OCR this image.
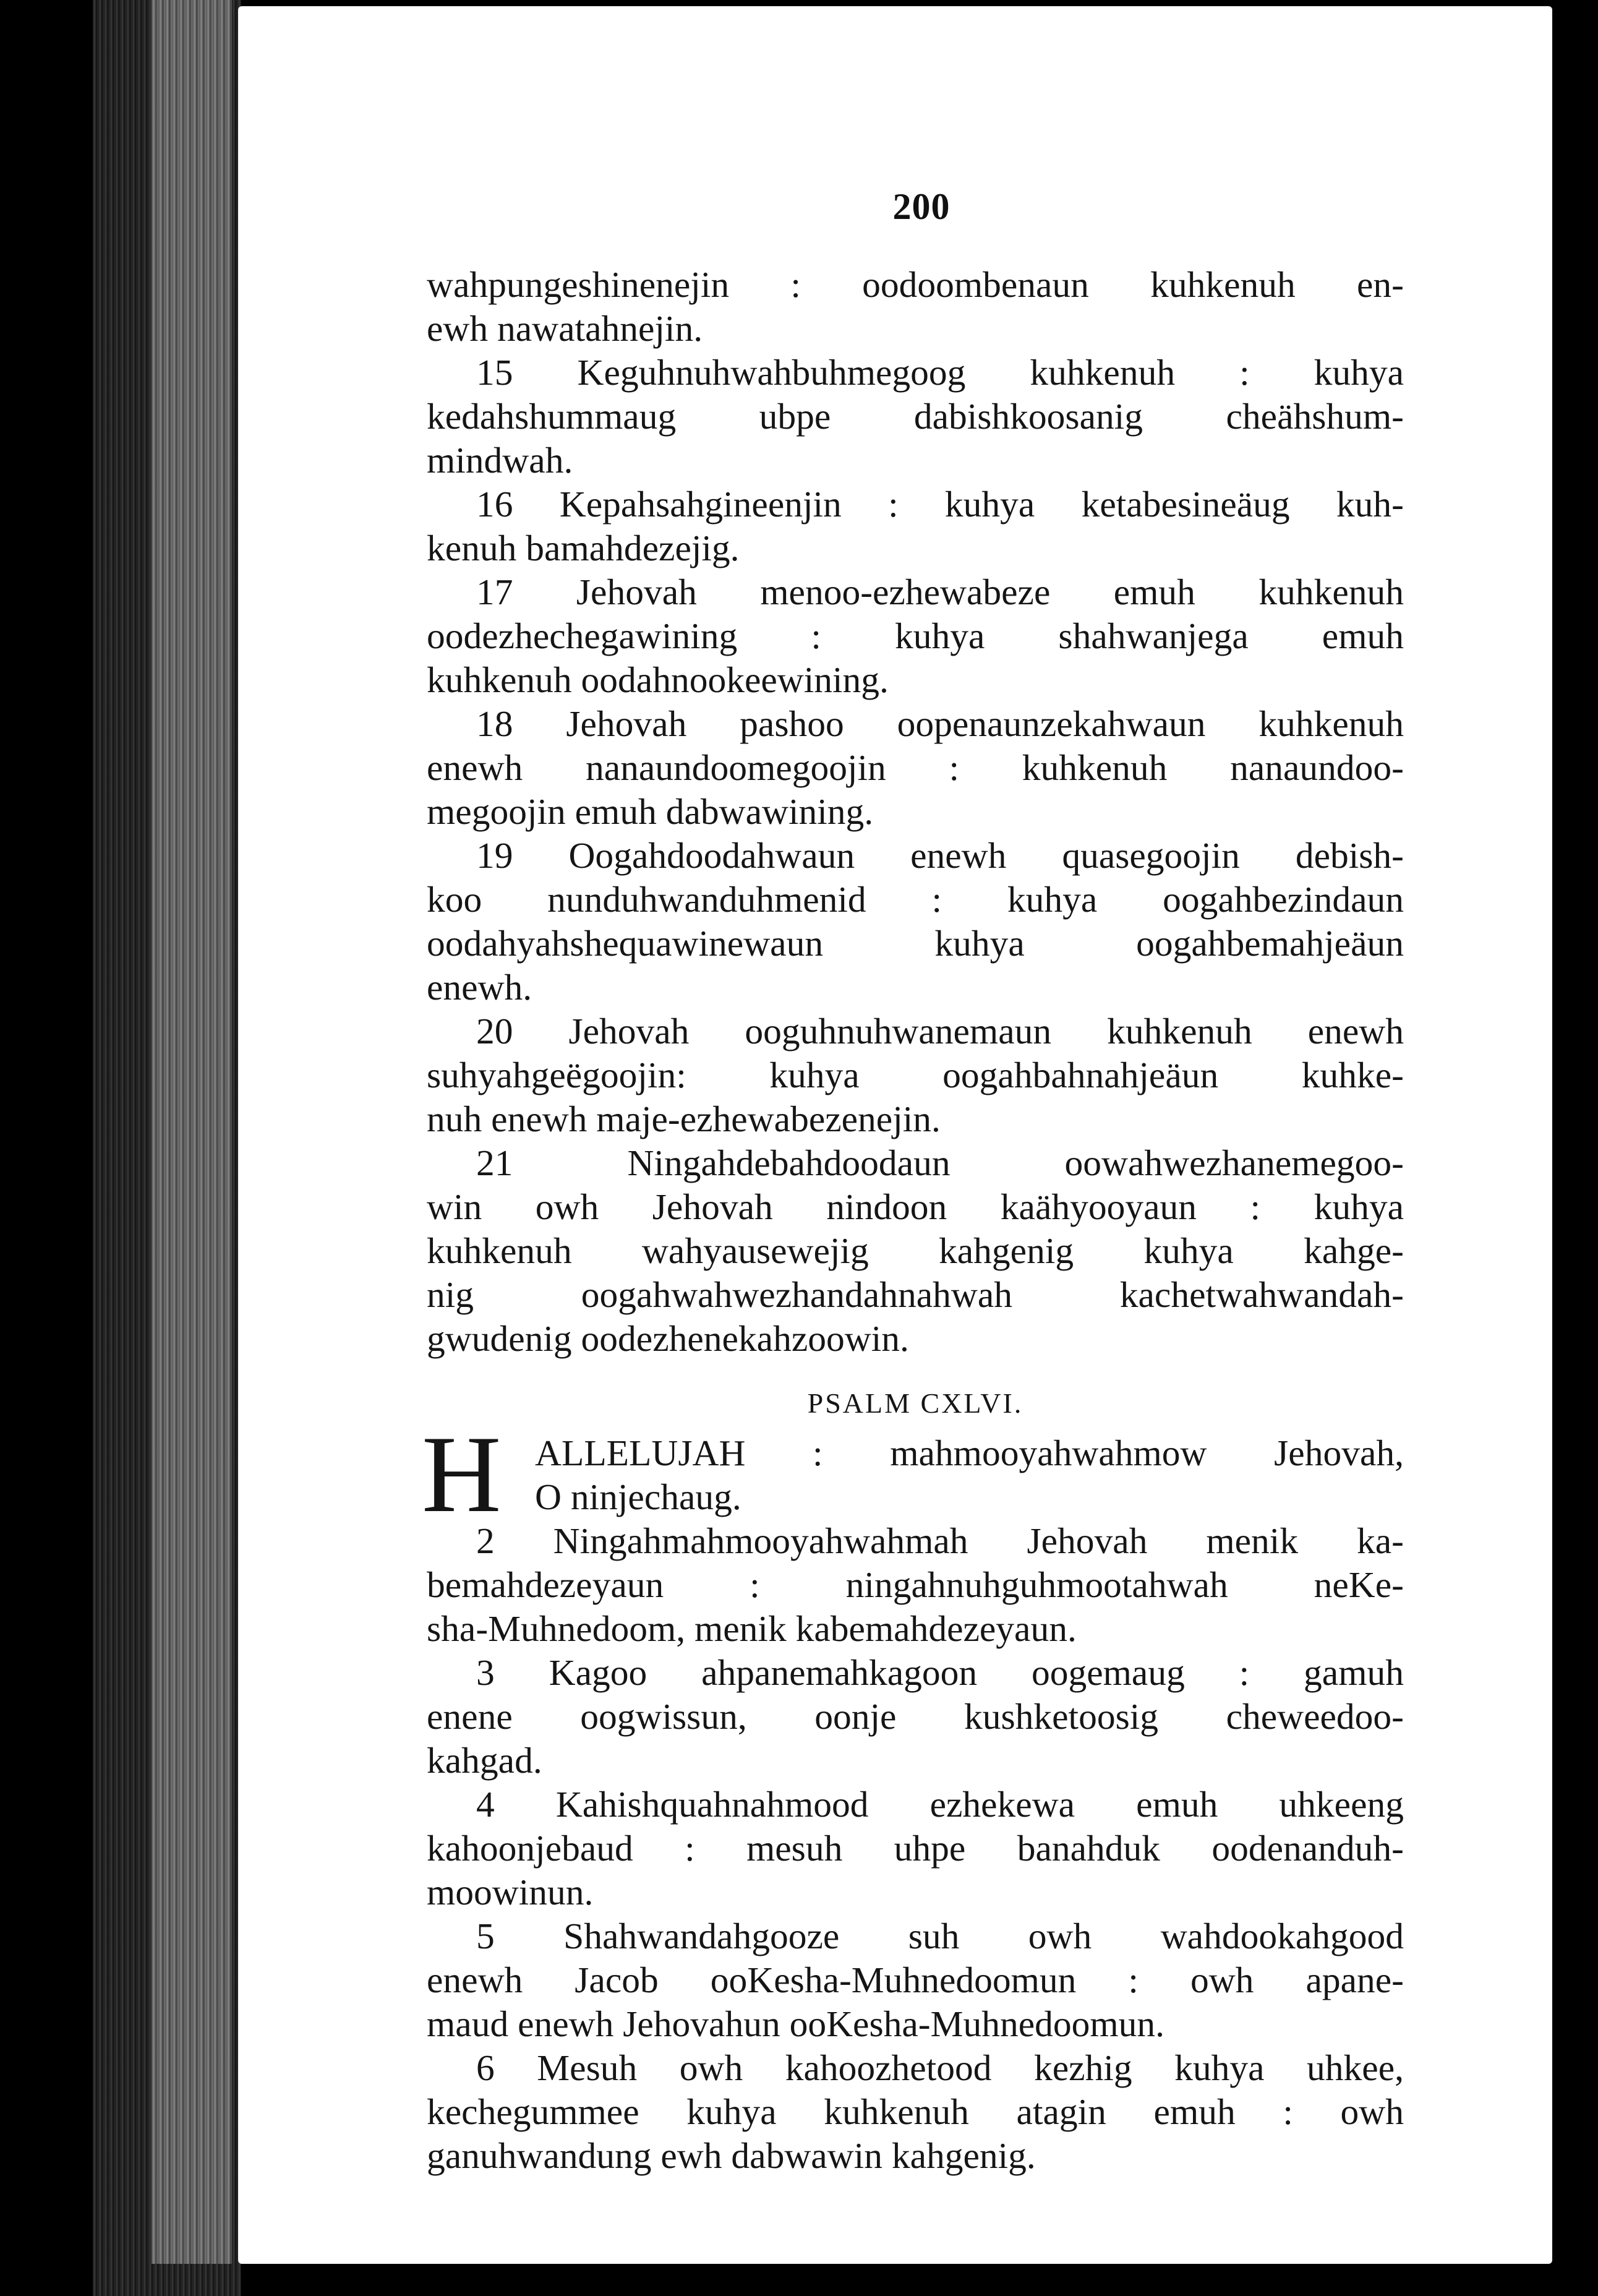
200
wahpungeshinenejin : oodoombenaun kuhkenuh en-
ewh nawatahnejin.
15 Keguhnuhwahbuhmegoog kuhkenuh : kuhya
kedahshummaug ubpe dabishkoosanig cheähshum-
mindwah.
16 Kepahsahgineenjin : kuhya ketabesineäug kuh-
kenuh bamahdezejig.
17 Jehovah menoo-ezhewabeze emuh kuhkenuh
oodezhechegawining : kuhya shahwanjega emuh
kuhkenuh oodahnookeewining.
18 Jehovah pashoo oopenaunzekahwaun kuhkenuh
enewh nanaundoomegoojin : kuhkenuh nanaundoo-
megoojin emuh dabwawining.
19 Oogahdoodahwaun enewh quasegoojin debish-
koo nunduhwanduhmenid : kuhya oogahbezindaun
oodahyahshequawinewaun kuhya oogahbemahjeäun
enewh.
20 Jehovah ooguhnuhwanemaun kuhkenuh enewh
suhyahgeëgoojin: kuhya oogahbahnahjeäun kuhke-
nuh enewh maje-ezhewabezenejin.
21 Ningahdebahdoodaun oowahwezhanemegoo-
win owh Jehovah nindoon kaähyooyaun : kuhya
kuhkenuh wahyausewejig kahgenig kuhya kahge-
nig oogahwahwezhandahnahwah kachetwahwandah-
gwudenig oodezhenekahzoowin.
PSALM CXLVI.
H ALLELUJAH : mahmooyahwahmow Jehovah,
O ninjechaug.
2 Ningahmahmooyahwahmah Jehovah menik ka-
bemahdezeyaun : ningahnuhguhmootahwah neKe-
sha-Muhnedoom, menik kabemahdezeyaun.
3 Kagoo ahpanemahkagoon oogemaug : gamuh
enene oogwissun, oonje kushketoosig cheweedoo-
kahgad.
4 Kahishquahnahmood ezhekewa emuh uhkeeng
kahoonjebaud : mesuh uhpe banahduk oodenanduh-
moowinun.
5 Shahwandahgooze suh owh wahdookahgood
enewh Jacob ooKesha-Muhnedoomun : owh apane-
maud enewh Jehovahun ooKesha-Muhnedoomun.
6 Mesuh owh kahoozhetood kezhig kuhya uhkee,
kechegummee kuhya kuhkenuh atagin emuh : owh
ganuhwandung ewh dabwawin kahgenig.
